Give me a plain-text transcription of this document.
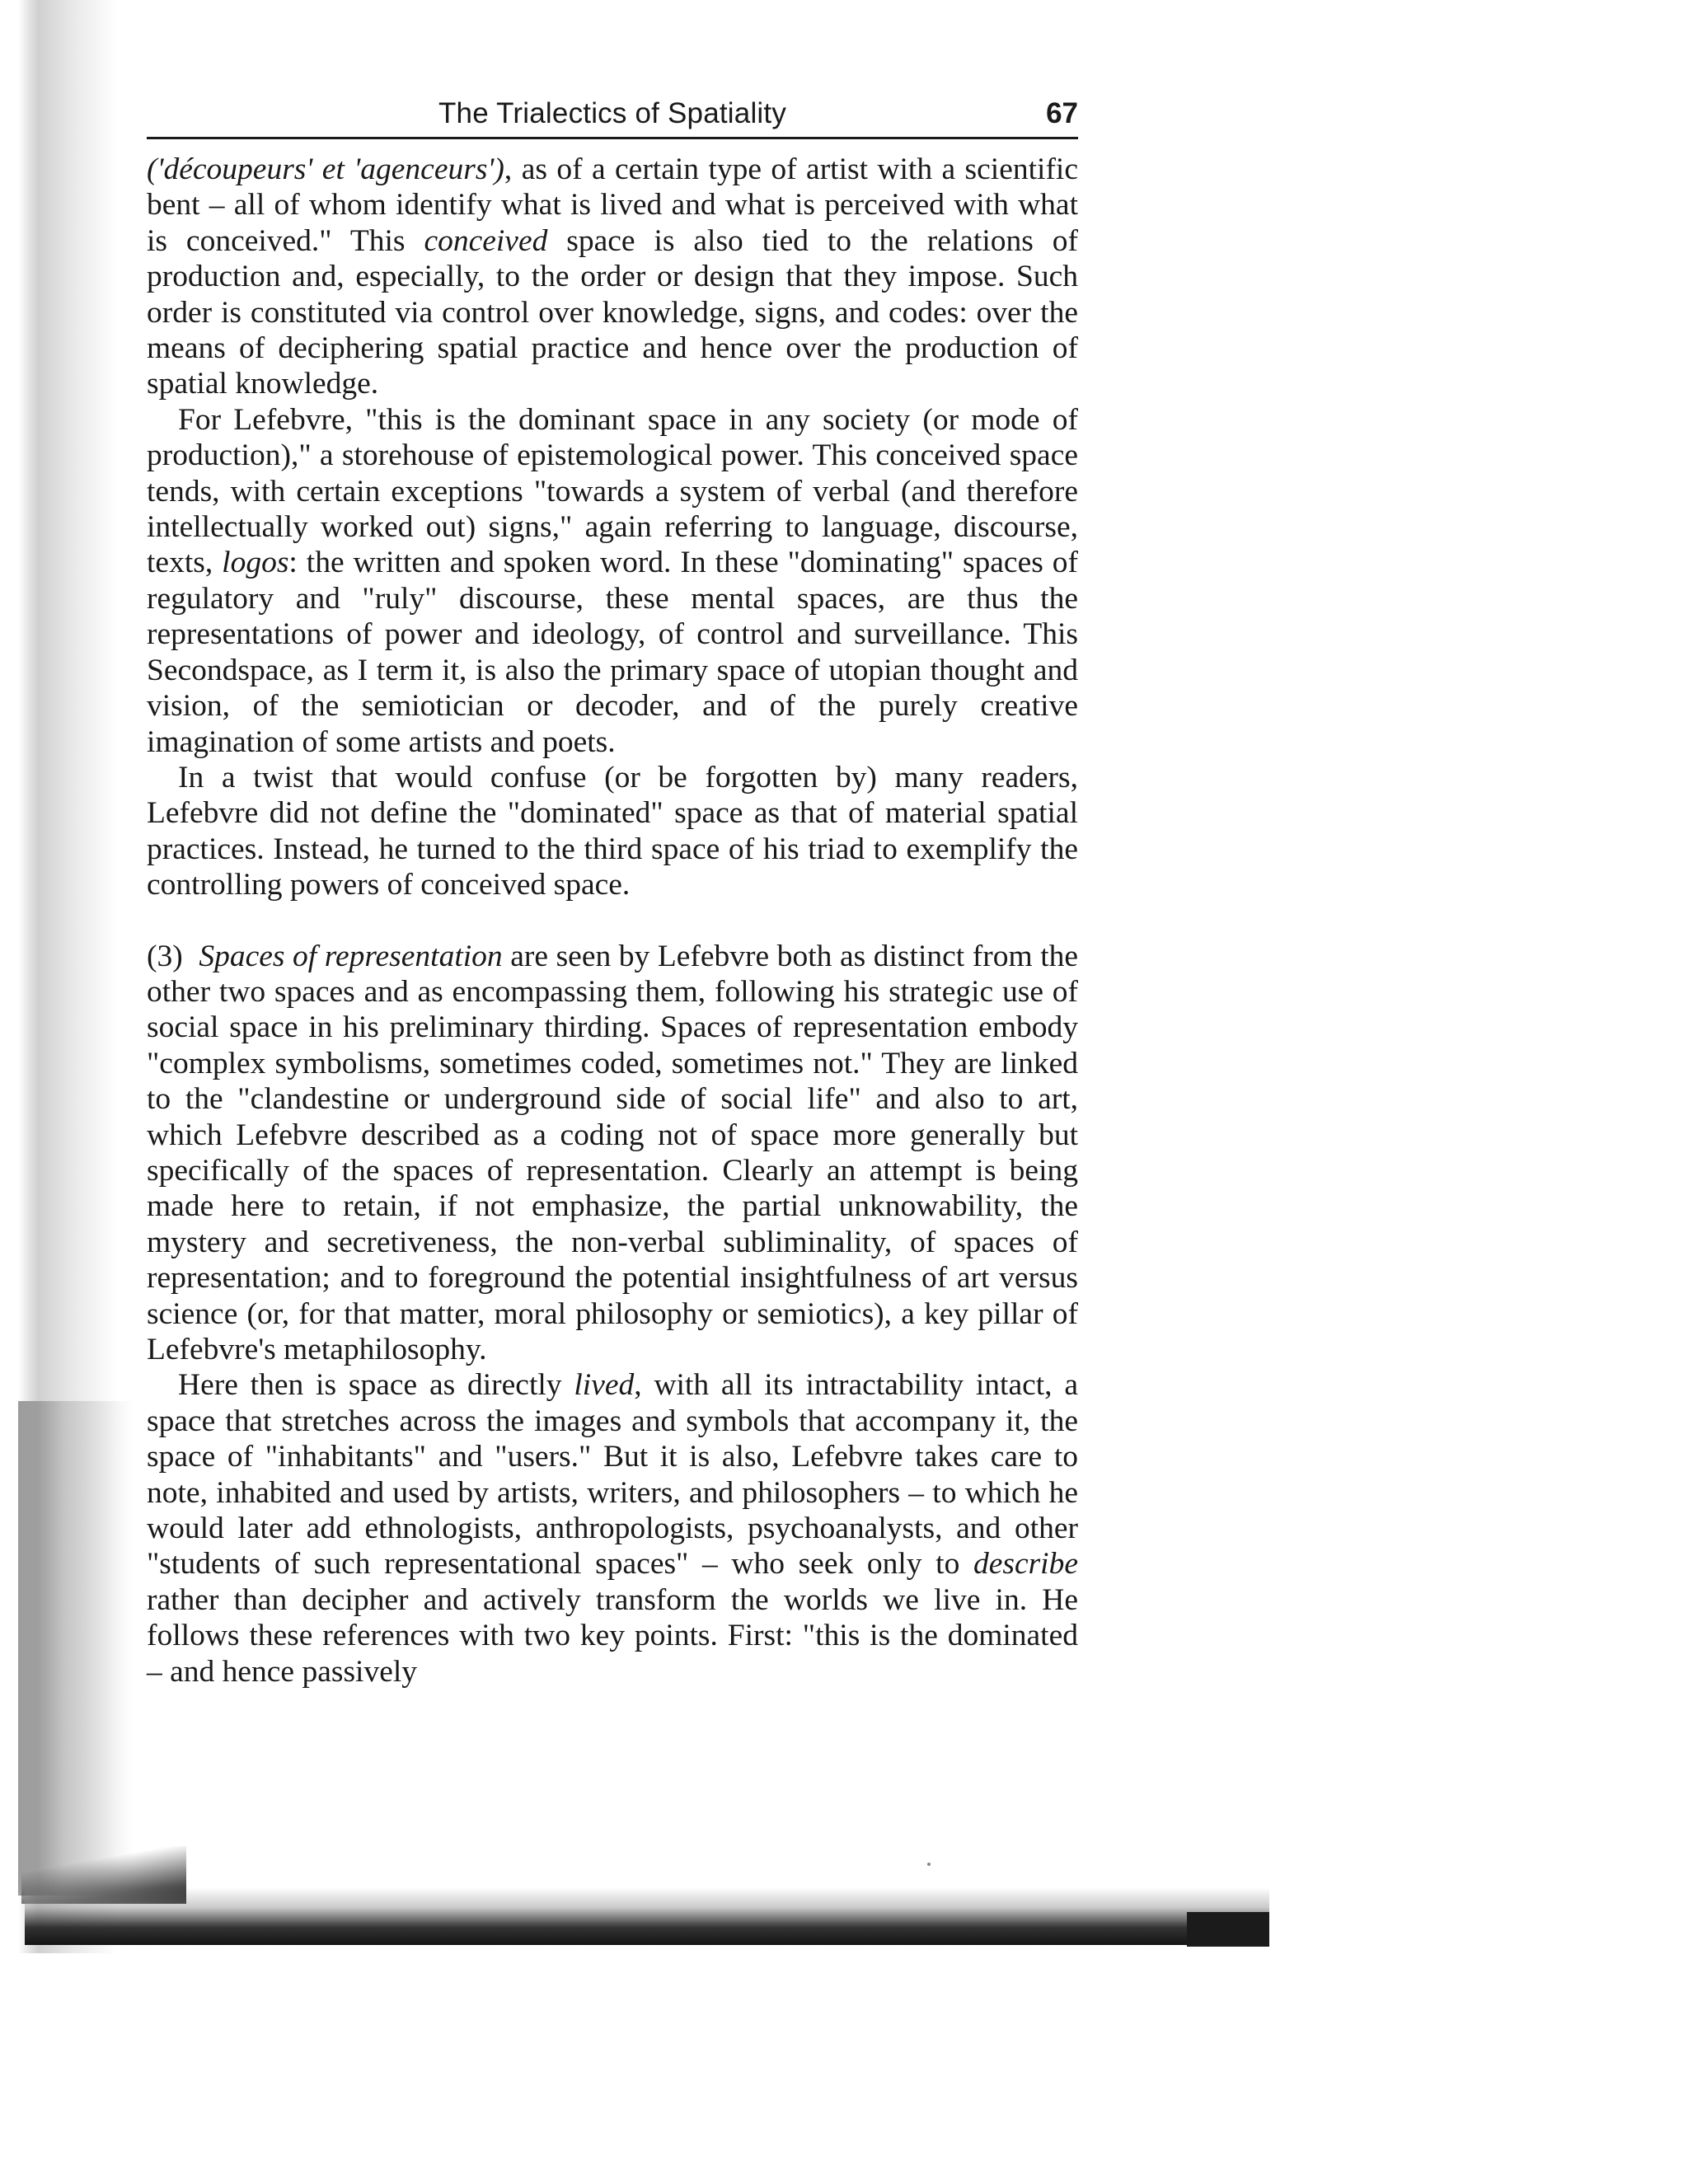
The Trialectics of Spatiality	67

('découpeurs' et 'agenceurs'), as of a certain type of artist with a scientific bent – all of whom identify what is lived and what is perceived with what is conceived." This conceived space is also tied to the relations of production and, especially, to the order or design that they impose. Such order is constituted via control over knowledge, signs, and codes: over the means of deciphering spatial practice and hence over the production of spatial knowledge.

For Lefebvre, "this is the dominant space in any society (or mode of production)," a storehouse of epistemological power. This conceived space tends, with certain exceptions "towards a system of verbal (and therefore intellectually worked out) signs," again referring to language, discourse, texts, logos: the written and spoken word. In these "dominating" spaces of regulatory and "ruly" discourse, these mental spaces, are thus the representations of power and ideology, of control and surveillance. This Secondspace, as I term it, is also the primary space of utopian thought and vision, of the semiotician or decoder, and of the purely creative imagination of some artists and poets.

In a twist that would confuse (or be forgotten by) many readers, Lefebvre did not define the "dominated" space as that of material spatial practices. Instead, he turned to the third space of his triad to exemplify the controlling powers of conceived space.

(3) Spaces of representation are seen by Lefebvre both as distinct from the other two spaces and as encompassing them, following his strategic use of social space in his preliminary thirding. Spaces of representation embody "complex symbolisms, sometimes coded, sometimes not." They are linked to the "clandestine or underground side of social life" and also to art, which Lefebvre described as a coding not of space more generally but specifically of the spaces of representation. Clearly an attempt is being made here to retain, if not emphasize, the partial unknowability, the mystery and secretiveness, the non-verbal subliminality, of spaces of representation; and to foreground the potential insightfulness of art versus science (or, for that matter, moral philosophy or semiotics), a key pillar of Lefebvre's metaphilosophy.

Here then is space as directly lived, with all its intractability intact, a space that stretches across the images and symbols that accompany it, the space of "inhabitants" and "users." But it is also, Lefebvre takes care to note, inhabited and used by artists, writers, and philosophers – to which he would later add ethnologists, anthropologists, psychoanalysts, and other "students of such representational spaces" – who seek only to describe rather than decipher and actively transform the worlds we live in. He follows these references with two key points. First: "this is the dominated – and hence passively
